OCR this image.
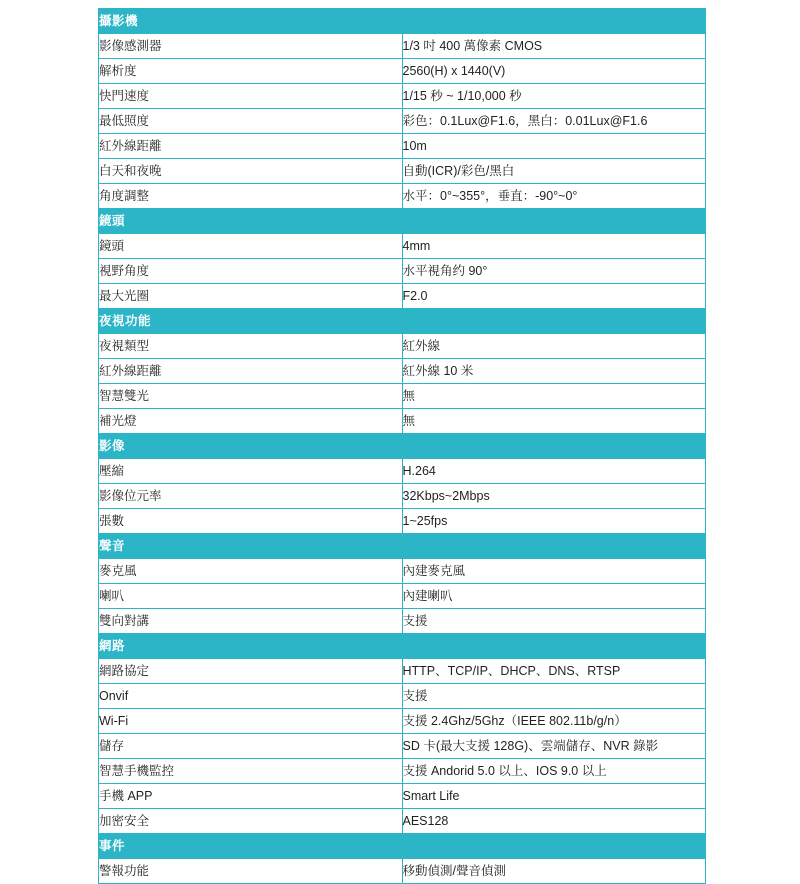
攝影機	
影像感測器	1/3 吋 400 萬像素 CMOS
解析度	2560(H) x 1440(V)
快門速度	1/15 秒 ~ 1/10,000 秒
最低照度	彩色：0.1Lux@F1.6，黑白：0.01Lux@F1.6
紅外線距離	10m
白天和夜晚	自動(ICR)/彩色/黑白
角度調整	水平：0°~355°，垂直：-90°~0°
鏡頭	
鏡頭	4mm
視野角度	水平視角约 90°
最大光圈	F2.0
夜視功能	
夜視類型	紅外線
紅外線距離	紅外線 10 米
智慧雙光	無
補光燈	無
影像	
壓縮	H.264
影像位元率	32Kbps~2Mbps
張數	1~25fps
聲音	
麥克風	內建麥克風
喇叭	內建喇叭
雙向對講	支援
網路	
網路協定	HTTP、TCP/IP、DHCP、DNS、RTSP
Onvif	支援
Wi-Fi	支援 2.4Ghz/5Ghz（IEEE 802.11b/g/n）
儲存	SD 卡(最大支援 128G)、雲端儲存、NVR 錄影
智慧手機監控	支援 Andorid 5.0 以上、IOS 9.0 以上
手機 APP	Smart Life
加密安全	AES128
事件	
警報功能	移動偵測/聲音偵測
